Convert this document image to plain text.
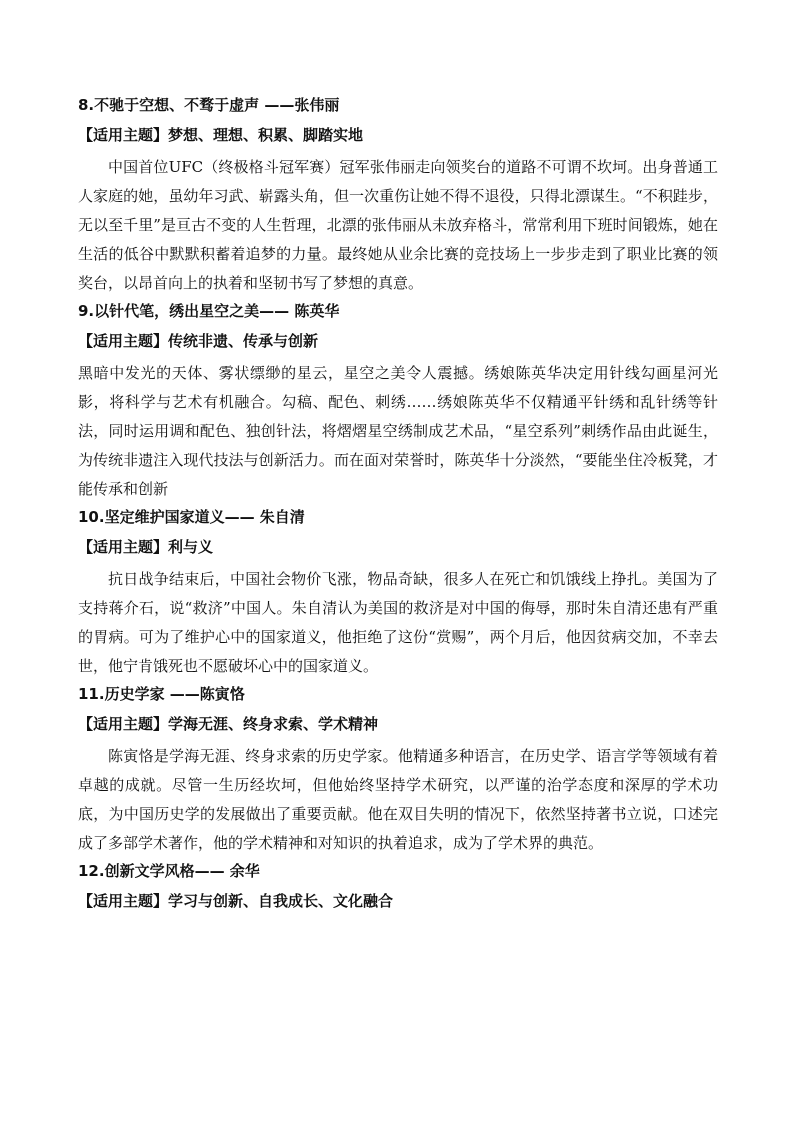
8.不驰于空想、不骛于虚声 ——张伟丽

【适用主题】梦想、理想、积累、脚踏实地

中国首位UFC（终极格斗冠军赛）冠军张伟丽走向领奖台的道路不可谓不坎坷。出身普通工人家庭的她，虽幼年习武、崭露头角，但一次重伤让她不得不退役，只得北漂谋生。“不积跬步，无以至千里”是亘古不变的人生哲理，北漂的张伟丽从未放弃格斗，常常利用下班时间锻炼，她在生活的低谷中默默积蓄着追梦的力量。最终她从业余比赛的竞技场上一步步走到了职业比赛的领奖台，以昂首向上的执着和坚韧书写了梦想的真意。

9.以针代笔，绣出星空之美—— 陈英华

【适用主题】传统非遗、传承与创新

黑暗中发光的天体、雾状缥缈的星云，星空之美令人震撼。绣娘陈英华决定用针线勾画星河光影，将科学与艺术有机融合。勾稿、配色、刺绣……绣娘陈英华不仅精通平针绣和乱针绣等针法，同时运用调和配色、独创针法，将熠熠星空绣制成艺术品，“星空系列”刺绣作品由此诞生，为传统非遗注入现代技法与创新活力。而在面对荣誉时，陈英华十分淡然，“要能坐住冷板凳，才能传承和创新

10.坚定维护国家道义—— 朱自清

【适用主题】利与义

抗日战争结束后，中国社会物价飞涨，物品奇缺，很多人在死亡和饥饿线上挣扎。美国为了支持蒋介石，说“救济”中国人。朱自清认为美国的救济是对中国的侮辱，那时朱自清还患有严重的胃病。可为了维护心中的国家道义，他拒绝了这份“赏赐”，两个月后，他因贫病交加，不幸去世，他宁肯饿死也不愿破坏心中的国家道义。

11.历史学家 ——陈寅恪

【适用主题】学海无涯、终身求索、学术精神

陈寅恪是学海无涯、终身求索的历史学家。他精通多种语言，在历史学、语言学等领域有着卓越的成就。尽管一生历经坎坷，但他始终坚持学术研究，以严谨的治学态度和深厚的学术功底，为中国历史学的发展做出了重要贡献。他在双目失明的情况下，依然坚持著书立说，口述完成了多部学术著作，他的学术精神和对知识的执着追求，成为了学术界的典范。

12.创新文学风格—— 余华

【适用主题】学习与创新、自我成长、文化融合
